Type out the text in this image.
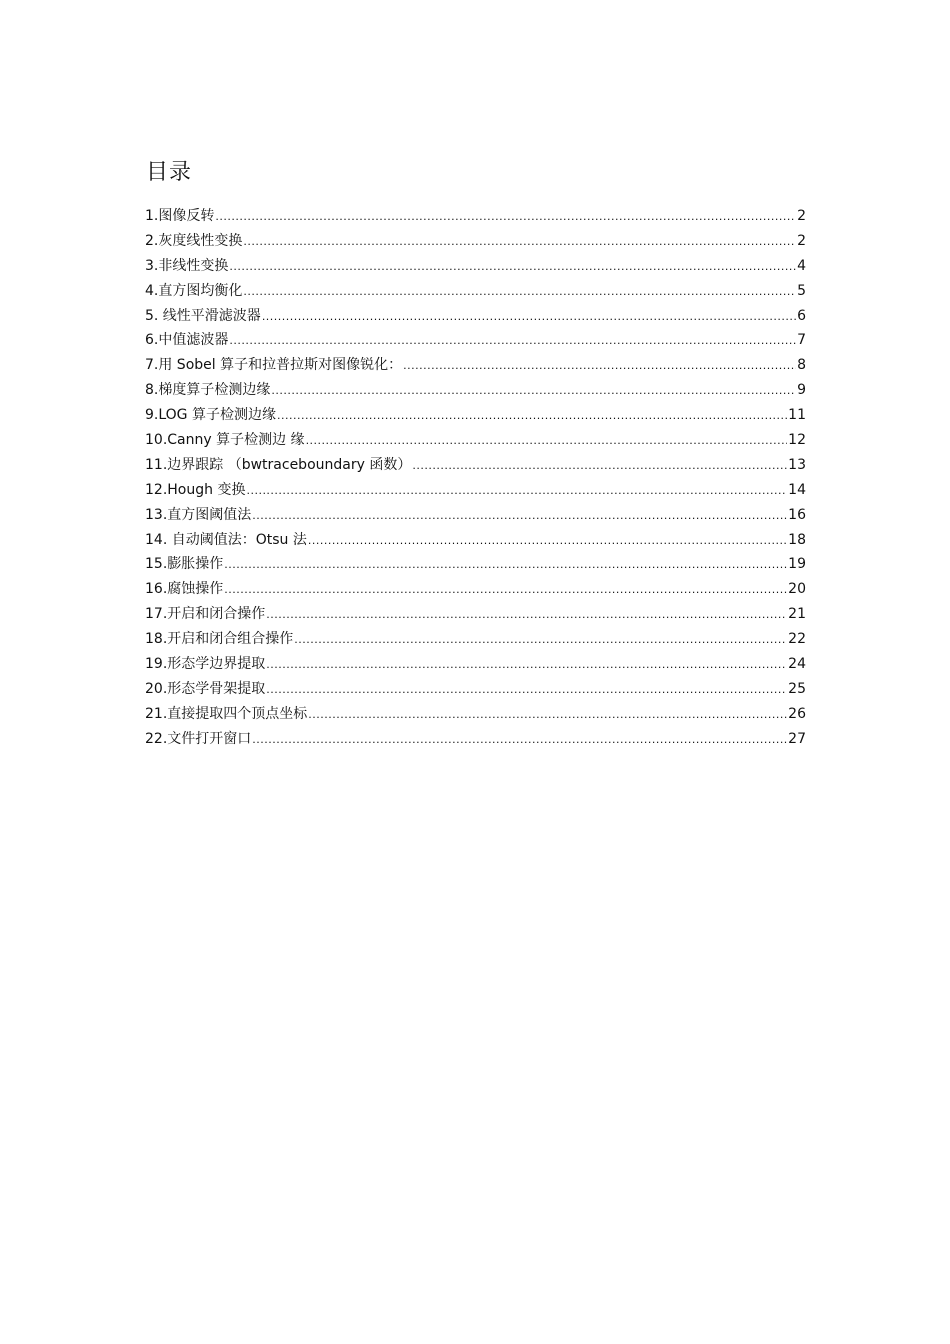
目录
1.图像反转 .....	2
2.灰度线性变换 .....	2
3.非线性变换 .....	4
4.直方图均衡化 .....	5
5. 线性平滑滤波器 .....	6
6.中值滤波器 .....	7
7.用 Sobel 算子和拉普拉斯对图像锐化： .....	8
8.梯度算子检测边缘 .....	9
9.LOG 算子检测边缘 .....	11
10.Canny 算子检测边 缘 .....	12
11.边界跟踪 （bwtraceboundary 函数） .....	13
12.Hough 变换 .....	14
13.直方图阈值法 .....	16
14. 自动阈值法：Otsu 法 .....	18
15.膨胀操作 .....	19
16.腐蚀操作 .....	20
17.开启和闭合操作 .....	21
18.开启和闭合组合操作 .....	22
19.形态学边界提取 .....	24
20.形态学骨架提取 .....	25
21.直接提取四个顶点坐标 .....	26
22.文件打开窗口 .....	27
